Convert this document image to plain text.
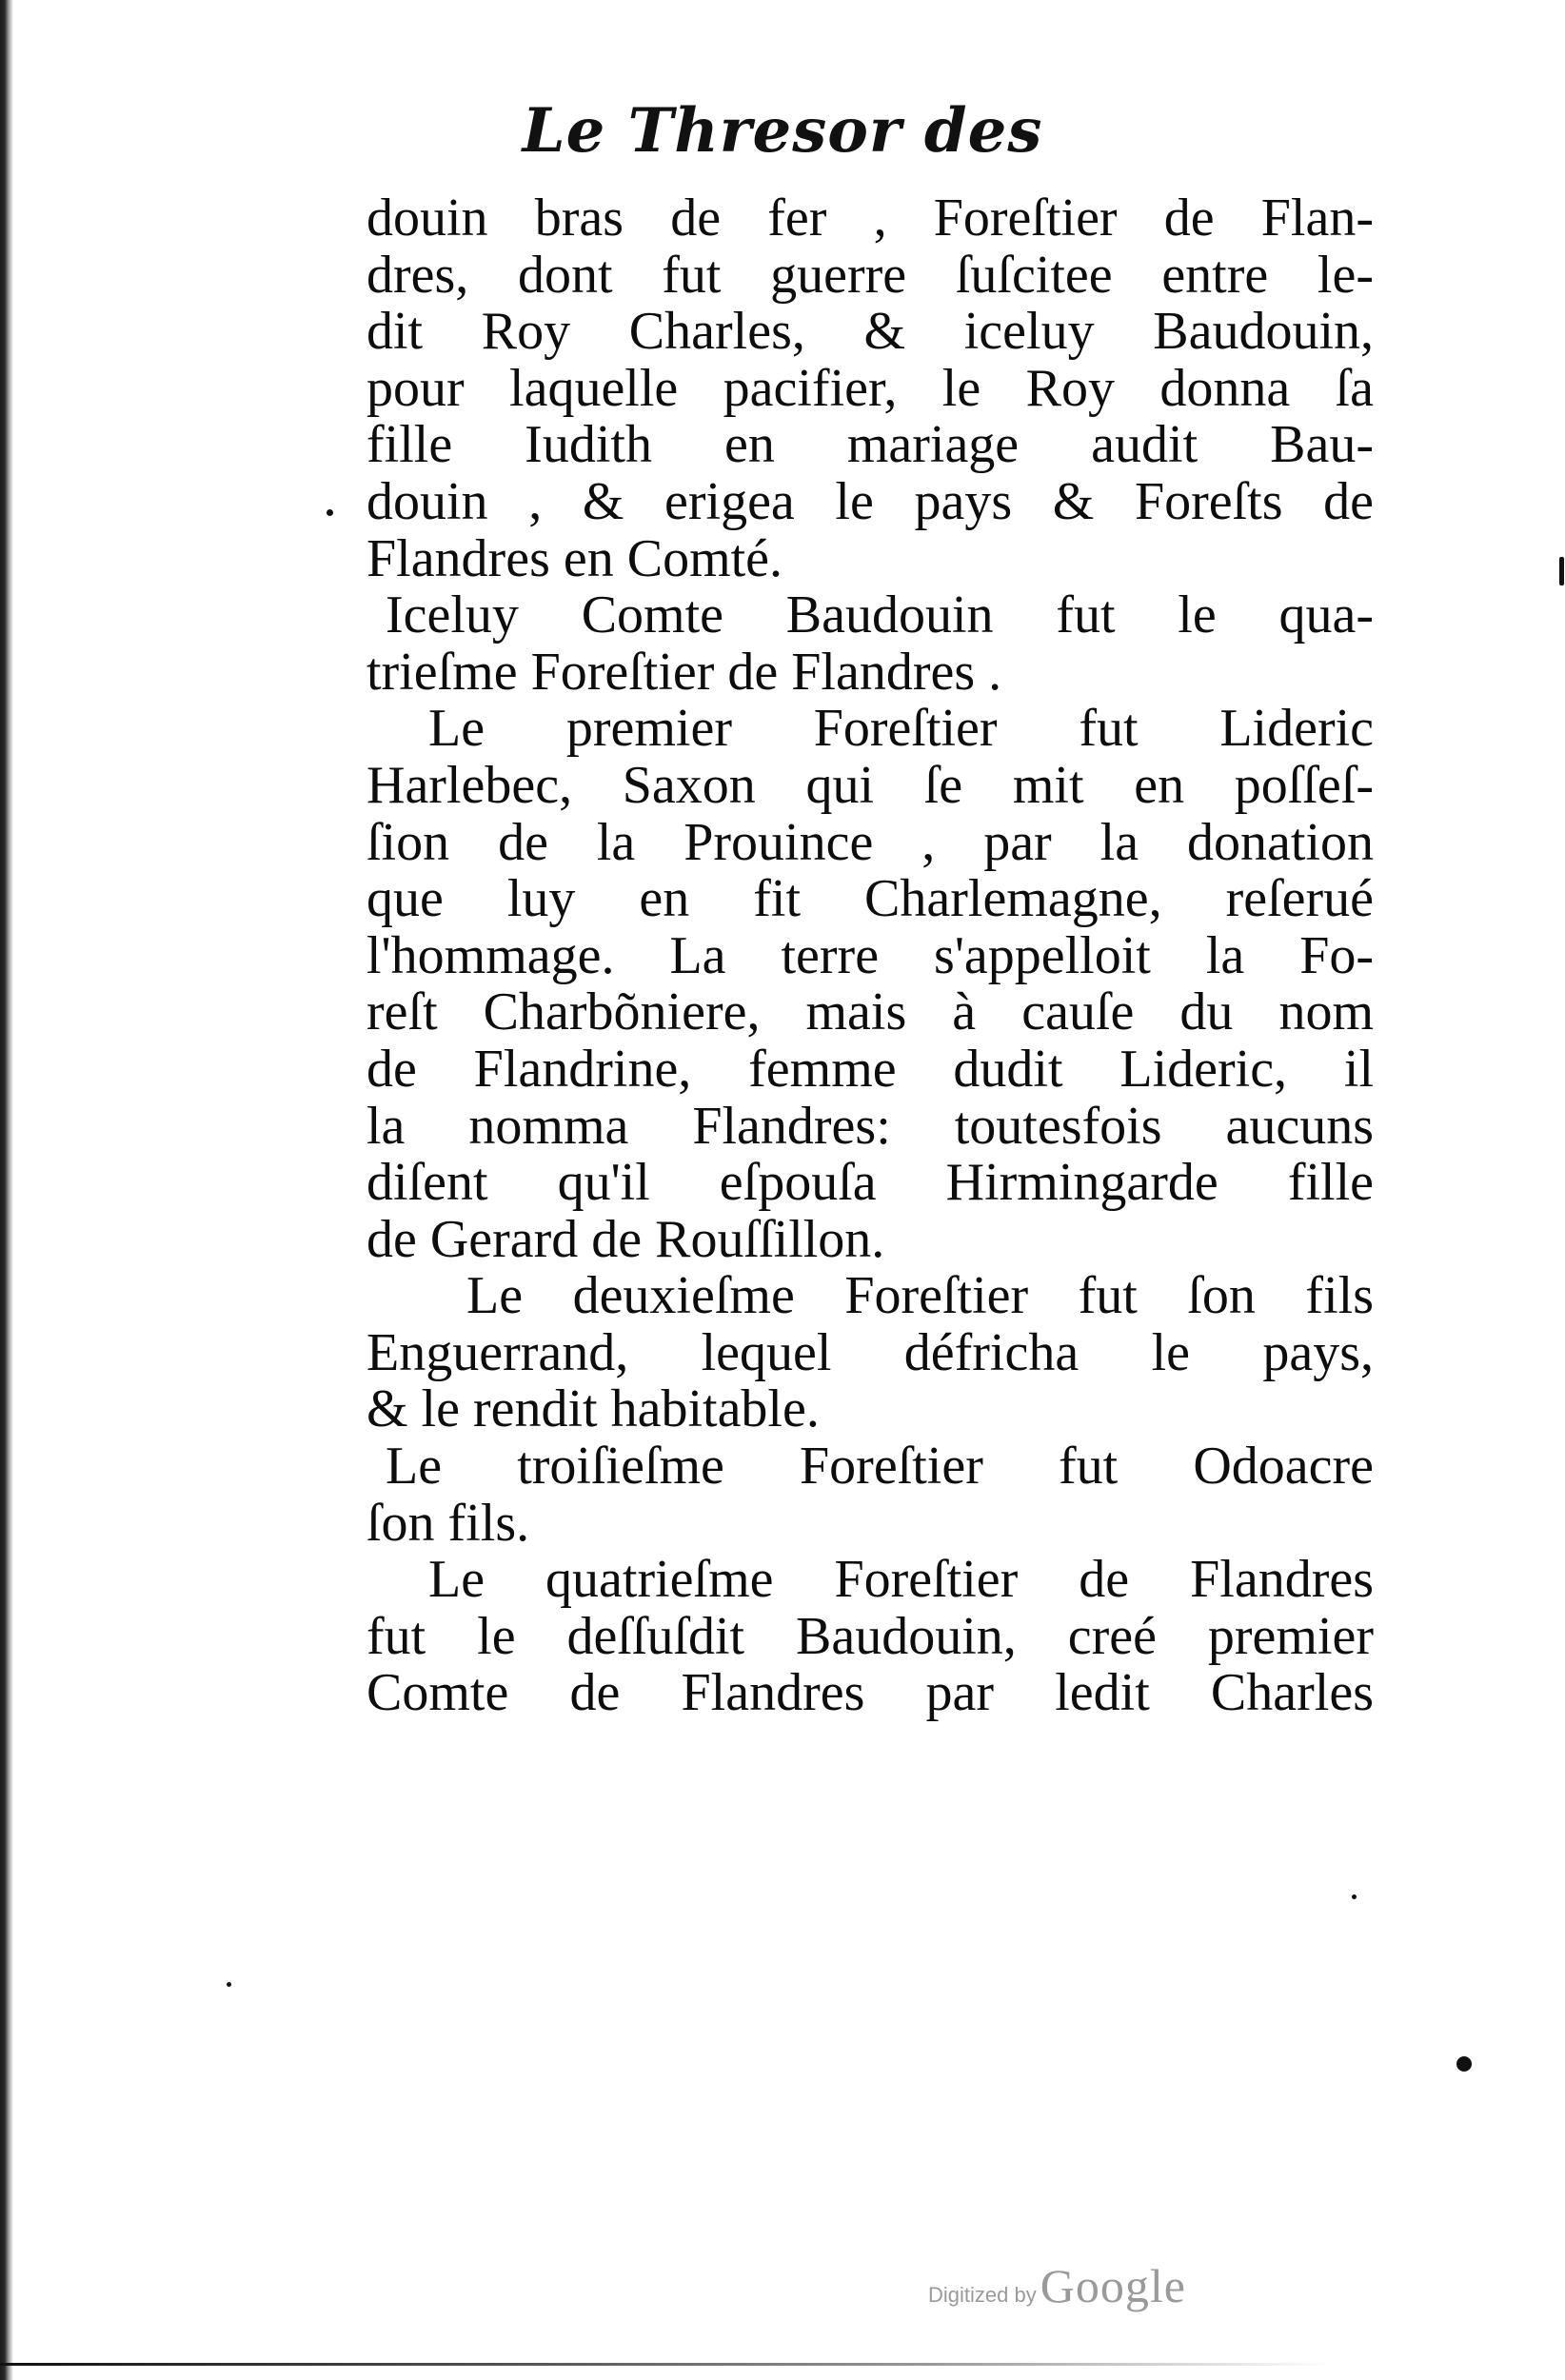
Le Thresor des
douin bras de fer , Foreſtier de Flan-
dres, dont fut guerre ſuſcitee entre le-
dit Roy Charles, & iceluy Baudouin,
pour laquelle pacifier, le Roy donna ſa
fille Iudith en mariage audit Bau-
douin , & erigea le pays & Foreſts de
Flandres en Comté.
Iceluy Comte Baudouin fut le qua-
trieſme Foreſtier de Flandres .
Le premier Foreſtier fut Lideric
Harlebec, Saxon qui ſe mit en poſſeſ-
ſion de la Prouince , par la donation
que luy en fit Charlemagne, reſerué
l'hommage. La terre s'appelloit la Fo-
reſt Charbõniere, mais à cauſe du nom
de Flandrine, femme dudit Lideric, il
la nomma Flandres: toutesfois aucuns
diſent qu'il eſpouſa Hirmingarde fille
de Gerard de Rouſſillon.
Le deuxieſme Foreſtier fut ſon fils
Enguerrand, lequel défricha le pays,
& le rendit habitable.
Le troiſieſme Foreſtier fut Odoacre
ſon fils.
Le quatrieſme Foreſtier de Flandres
fut le deſſuſdit Baudouin, creé premier
Comte de Flandres par ledit Charles
Digitized by Google
